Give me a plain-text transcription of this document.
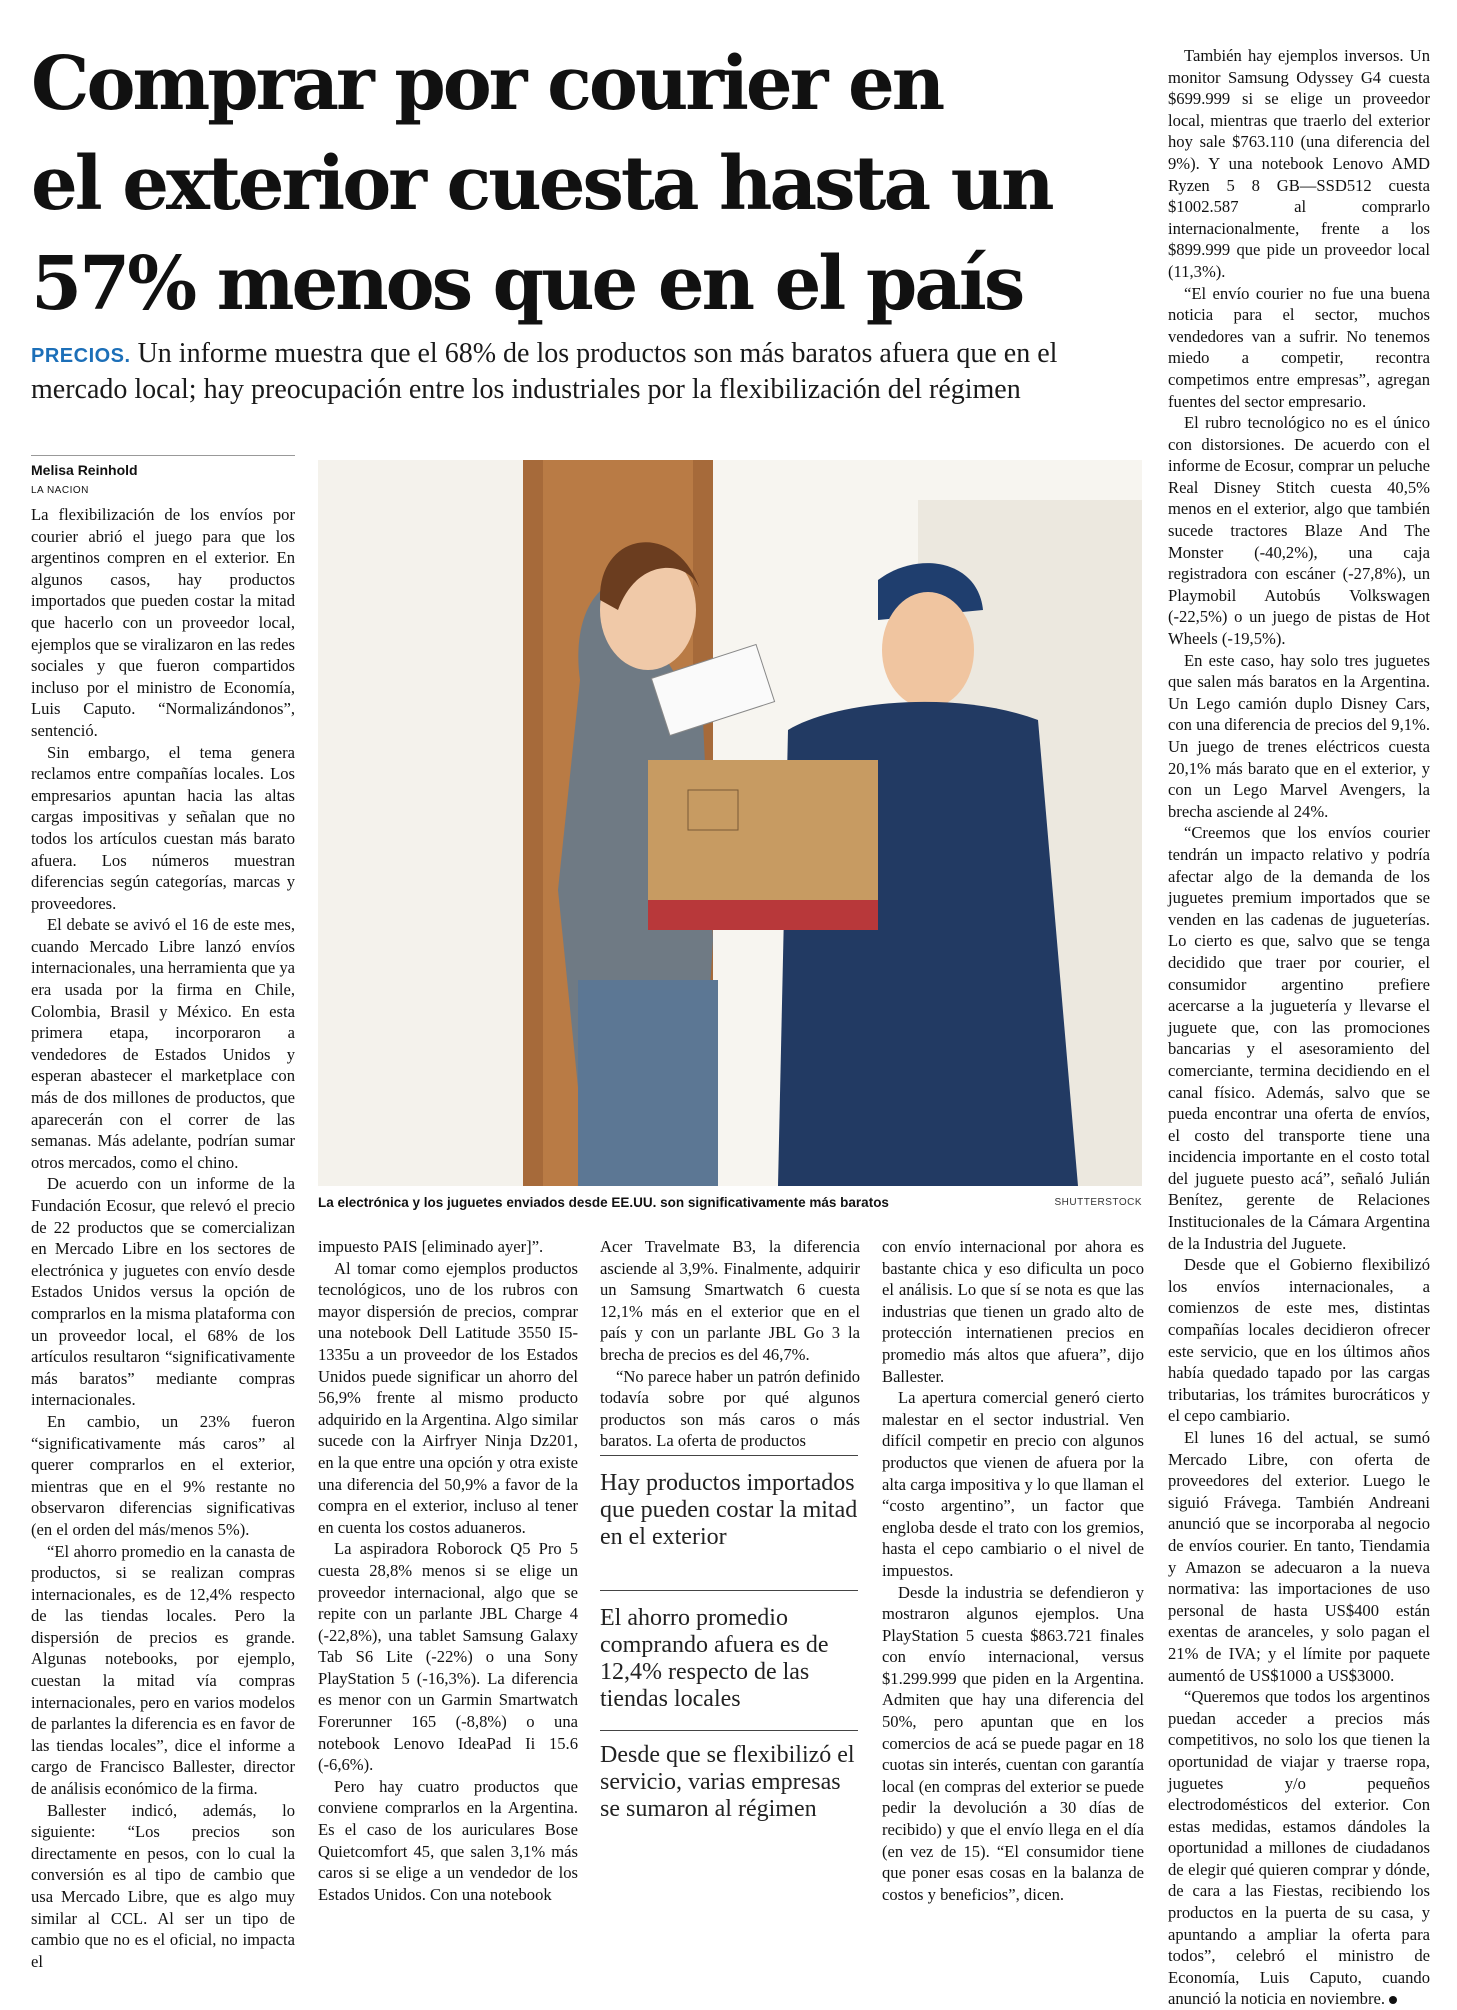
Comprar por courier en
el exterior cuesta hasta un
57% menos que en el país
PRECIOS. Un informe muestra que el 68% de los productos son más baratos afuera que en el mercado local; hay preocupación entre los industriales por la flexibilización del régimen
Melisa Reinhold
LA NACION

La flexibilización de los envíos por courier abrió el juego para que los argentinos compren en el exterior. En algunos casos, hay productos importados que pueden costar la mitad que hacerlo con un proveedor local, ejemplos que se viralizaron en las redes sociales y que fueron compartidos incluso por el ministro de Economía, Luis Caputo. “Normalizándonos”, sentenció.

Sin embargo, el tema genera reclamos entre compañías locales. Los empresarios apuntan hacia las altas cargas impositivas y señalan que no todos los artículos cuestan más barato afuera. Los números muestran diferencias según categorías, marcas y proveedores.

El debate se avivó el 16 de este mes, cuando Mercado Libre lanzó envíos internacionales, una herramienta que ya era usada por la firma en Chile, Colombia, Brasil y México. En esta primera etapa, incorporaron a vendedores de Estados Unidos y esperan abastecer el marketplace con más de dos millones de productos, que aparecerán con el correr de las semanas. Más adelante, podrían sumar otros mercados, como el chino.

De acuerdo con un informe de la Fundación Ecosur, que relevó el precio de 22 productos que se comercializan en Mercado Libre en los sectores de electrónica y juguetes con envío desde Estados Unidos versus la opción de comprarlos en la misma plataforma con un proveedor local, el 68% de los artículos resultaron “significativamente más baratos” mediante compras internacionales.

En cambio, un 23% fueron “significativamente más caros” al querer comprarlos en el exterior, mientras que en el 9% restante no observaron diferencias significativas (en el orden del más/menos 5%).

“El ahorro promedio en la canasta de productos, si se realizan compras internacionales, es de 12,4% respecto de las tiendas locales. Pero la dispersión de precios es grande. Algunas notebooks, por ejemplo, cuestan la mitad vía compras internacionales, pero en varios modelos de parlantes la diferencia es en favor de las tiendas locales”, dice el informe a cargo de Francisco Ballester, director de análisis económico de la firma.

Ballester indicó, además, lo siguiente: “Los precios son directamente en pesos, con lo cual la conversión es al tipo de cambio que usa Mercado Libre, que es algo muy similar al CCL. Al ser un tipo de cambio que no es el oficial, no impacta el

La electrónica y los juguetes enviados desde EE.UU. son significativamente más baratos	SHUTTERSTOCK

impuesto PAIS [eliminado ayer]”.

Al tomar como ejemplos productos tecnológicos, uno de los rubros con mayor dispersión de precios, comprar una notebook Dell Latitude 3550 I5-1335u a un proveedor de los Estados Unidos puede significar un ahorro del 56,9% frente al mismo producto adquirido en la Argentina. Algo similar sucede con la Airfryer Ninja Dz201, en la que entre una opción y otra existe una diferencia del 50,9% a favor de la compra en el exterior, incluso al tener en cuenta los costos aduaneros.

La aspiradora Roborock Q5 Pro 5 cuesta 28,8% menos si se elige un proveedor internacional, algo que se repite con un parlante JBL Charge 4 (-22,8%), una tablet Samsung Galaxy Tab S6 Lite (-22%) o una Sony PlayStation 5 (-16,3%). La diferencia es menor con un Garmin Smartwatch Forerunner 165 (-8,8%) o una notebook Lenovo IdeaPad Ii 15.6 (-6,6%).

Pero hay cuatro productos que conviene comprarlos en la Argentina. Es el caso de los auriculares Bose Quietcomfort 45, que salen 3,1% más caros si se elige a un vendedor de los Estados Unidos. Con una notebook

Acer Travelmate B3, la diferencia asciende al 3,9%. Finalmente, adquirir un Samsung Smartwatch 6 cuesta 12,1% más en el exterior que en el país y con un parlante JBL Go 3 la brecha de precios es del 46,7%.

“No parece haber un patrón definido todavía sobre por qué algunos productos son más caros o más baratos. La oferta de productos

Hay productos importados que pueden costar la mitad en el exterior
El ahorro promedio comprando afuera es de 12,4% respecto de las tiendas locales
Desde que se flexibilizó el servicio, varias empresas se sumaron al régimen

con envío internacional por ahora es bastante chica y eso dificulta un poco el análisis. Lo que sí se nota es que las industrias que tienen un grado alto de protección internatienen precios en promedio más altos que afuera”, dijo Ballester.

La apertura comercial generó cierto malestar en el sector industrial. Ven difícil competir en precio con algunos productos que vienen de afuera por la alta carga impositiva y lo que llaman el “costo argentino”, un factor que engloba desde el trato con los gremios, hasta el cepo cambiario o el nivel de impuestos.

Desde la industria se defendieron y mostraron algunos ejemplos. Una PlayStation 5 cuesta $863.721 finales con envío internacional, versus $1.299.999 que piden en la Argentina. Admiten que hay una diferencia del 50%, pero apuntan que en los comercios de acá se puede pagar en 18 cuotas sin interés, cuentan con garantía local (en compras del exterior se puede pedir la devolución a 30 días de recibido) y que el envío llega en el día (en vez de 15). “El consumidor tiene que poner esas cosas en la balanza de costos y beneficios”, dicen.

También hay ejemplos inversos. Un monitor Samsung Odyssey G4 cuesta $699.999 si se elige un proveedor local, mientras que traerlo del exterior hoy sale $763.110 (una diferencia del 9%). Y una notebook Lenovo AMD Ryzen 5 8 GB—SSD512 cuesta $1002.587 al comprarlo internacionalmente, frente a los $899.999 que pide un proveedor local (11,3%).

“El envío courier no fue una buena noticia para el sector, muchos vendedores van a sufrir. No tenemos miedo a competir, recontra competimos entre empresas”, agregan fuentes del sector empresario.

El rubro tecnológico no es el único con distorsiones. De acuerdo con el informe de Ecosur, comprar un peluche Real Disney Stitch cuesta 40,5% menos en el exterior, algo que también sucede tractores Blaze And The Monster (-40,2%), una caja registradora con escáner (-27,8%), un Playmobil Autobús Volkswagen (-22,5%) o un juego de pistas de Hot Wheels (-19,5%).

En este caso, hay solo tres juguetes que salen más baratos en la Argentina. Un Lego camión duplo Disney Cars, con una diferencia de precios del 9,1%. Un juego de trenes eléctricos cuesta 20,1% más barato que en el exterior, y con un Lego Marvel Avengers, la brecha asciende al 24%.

“Creemos que los envíos courier tendrán un impacto relativo y podría afectar algo de la demanda de los juguetes premium importados que se venden en las cadenas de jugueterías. Lo cierto es que, salvo que se tenga decidido que traer por courier, el consumidor argentino prefiere acercarse a la juguetería y llevarse el juguete que, con las promociones bancarias y el asesoramiento del comerciante, termina decidiendo en el canal físico. Además, salvo que se pueda encontrar una oferta de envíos, el costo del transporte tiene una incidencia importante en el costo total del juguete puesto acá”, señaló Julián Benítez, gerente de Relaciones Institucionales de la Cámara Argentina de la Industria del Juguete.

Desde que el Gobierno flexibilizó los envíos internacionales, a comienzos de este mes, distintas compañías locales decidieron ofrecer este servicio, que en los últimos años había quedado tapado por las cargas tributarias, los trámites burocráticos y el cepo cambiario.

El lunes 16 del actual, se sumó Mercado Libre, con oferta de proveedores del exterior. Luego le siguió Frávega. También Andreani anunció que se incorporaba al negocio de envíos courier. En tanto, Tiendamia y Amazon se adecuaron a la nueva normativa: las importaciones de uso personal de hasta US$400 están exentas de aranceles, y solo pagan el 21% de IVA; y el límite por paquete aumentó de US$1000 a US$3000.

“Queremos que todos los argentinos puedan acceder a precios más competitivos, no solo los que tienen la oportunidad de viajar y traerse ropa, juguetes y/o pequeños electrodomésticos del exterior. Con estas medidas, estamos dándoles la oportunidad a millones de ciudadanos de elegir qué quieren comprar y dónde, de cara a las Fiestas, recibiendo los productos en la puerta de su casa, y apuntando a ampliar la oferta para todos”, celebró el ministro de Economía, Luis Caputo, cuando anunció la noticia en noviembre.
